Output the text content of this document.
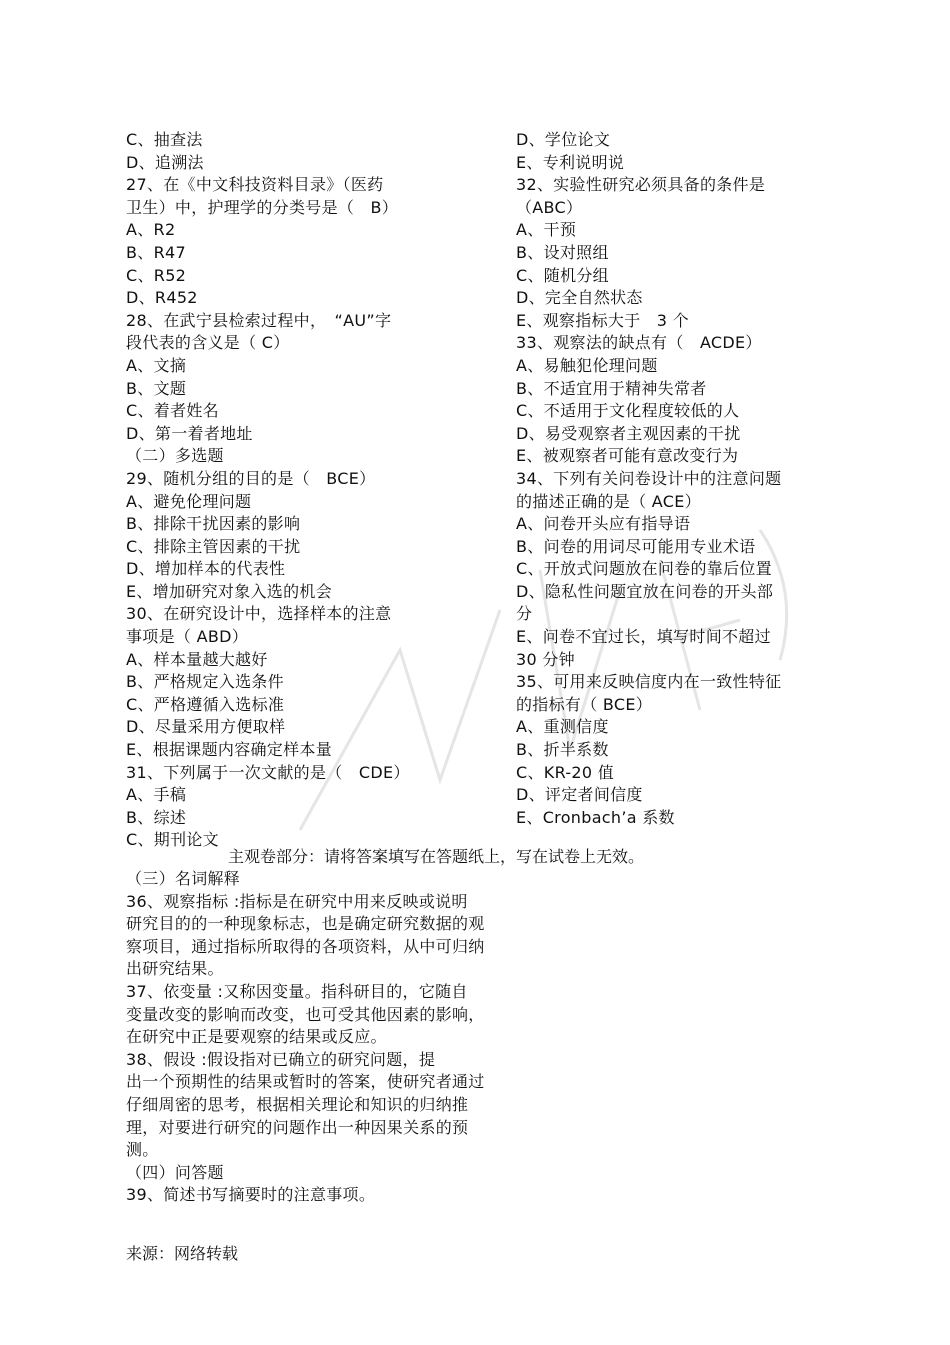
C、抽查法
D、追溯法
27、在《中文科技资料目录》（医药
卫生）中，护理学的分类号是（　B）
A、R2
B、R47
C、R52
D、R452
28、在武宁县检索过程中，　“AU”字
段代表的含义是（ C）
A、文摘
B、文题
C、着者姓名
D、第一着者地址
（二）多选题
29、随机分组的目的是（　BCE）
A、避免伦理问题
B、排除干扰因素的影响
C、排除主管因素的干扰
D、增加样本的代表性
E、增加研究对象入选的机会
30、在研究设计中，选择样本的注意
事项是（ ABD）
A、样本量越大越好
B、严格规定入选条件
C、严格遵循入选标准
D、尽量采用方便取样
E、根据课题内容确定样本量
31、下列属于一次文献的是（　CDE）
A、手稿
B、综述
C、期刊论文
D、学位论文
E、专利说明说
32、实验性研究必须具备的条件是
（ABC）
A、干预
B、设对照组
C、随机分组
D、完全自然状态
E、观察指标大于　3 个
33、观察法的缺点有（　ACDE）
A、易触犯伦理问题
B、不适宜用于精神失常者
C、不适用于文化程度较低的人
D、易受观察者主观因素的干扰
E、被观察者可能有意改变行为
34、下列有关问卷设计中的注意问题
的描述正确的是（ ACE）
A、问卷开头应有指导语
B、问卷的用词尽可能用专业术语
C、开放式问题放在问卷的靠后位置
D、隐私性问题宜放在问卷的开头部
分
E、问卷不宜过长，填写时间不超过
30 分钟
35、可用来反映信度内在一致性特征
的指标有（ BCE）
A、重测信度
B、折半系数
C、KR-20 值
D、评定者间信度
E、Cronbach’a 系数
主观卷部分：请将答案填写在答题纸上，写在试卷上无效。
（三）名词解释
36、观察指标 :指标是在研究中用来反映或说明
研究目的的一种现象标志，也是确定研究数据的观
察项目，通过指标所取得的各项资料，从中可归纳
出研究结果。
37、依变量 :又称因变量。指科研目的，它随自
变量改变的影响而改变，也可受其他因素的影响，
在研究中正是要观察的结果或反应。
38、假设 :假设指对已确立的研究问题，提
出一个预期性的结果或暂时的答案，使研究者通过
仔细周密的思考，根据相关理论和知识的归纳推
理，对要进行研究的问题作出一种因果关系的预
测。
（四）问答题
39、简述书写摘要时的注意事项。
来源：网络转载
